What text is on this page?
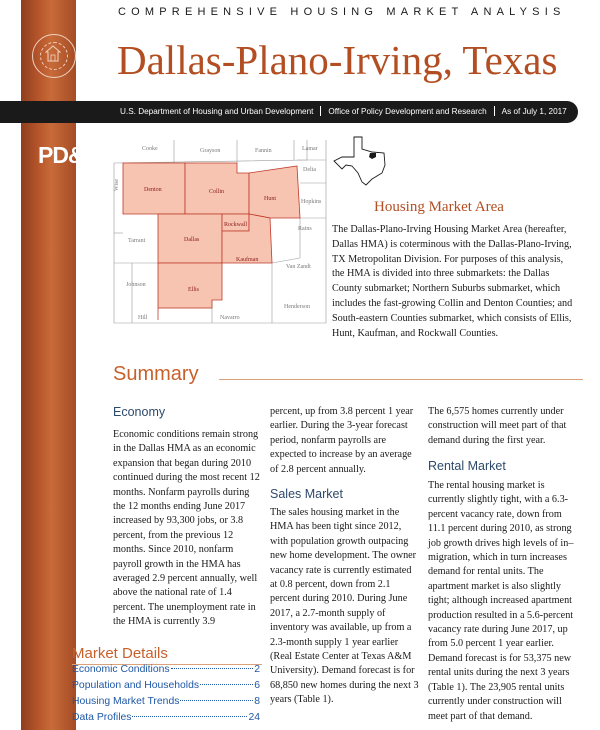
COMPREHENSIVE HOUSING MARKET ANALYSIS
Dallas-Plano-Irving, Texas
U.S. Department of Housing and Urban Development Office of Policy Development and Research As of July 1, 2017
PD&R	Cooke	Grayson	Fannin	Lamar
Delta
Wise
Hopkins
Tarrant
Rains
Van Zandt
Johnson
Henderson
Hill	Navarro
Denton	Collin
Hunt
Dallas
Rockwall
Kaufman
Ellis
Housing Market Area
The Dallas-Plano-Irving Housing Market Area (hereafter, Dallas HMA) is coterminous with the Dallas-Plano-Irving, TX Metropolitan Division. For purposes of this analysis, the HMA is divided into three submarkets: the Dallas County submarket; Northern Suburbs submarket, which includes the fast-growing Collin and Denton Counties; and South-eastern Counties submarket, which consists of Ellis, Hunt, Kaufman, and Rockwall Counties.
Summary
Economy
Economic conditions remain strong in the Dallas HMA as an economic expansion that began during 2010 continued during the most recent 12 months. Nonfarm payrolls during the 12 months ending June 2017 increased by 93,300 jobs, or 3.8 percent, from the previous 12 months. Since 2010, nonfarm payroll growth in the HMA has averaged 2.9 percent annually, well above the national rate of 1.4 percent. The unemployment rate in the HMA is currently 3.9
percent, up from 3.8 percent 1 year earlier. During the 3-year forecast period, nonfarm payrolls are expected to increase by an average of 2.8 percent annually.
Sales Market
The sales housing market in the HMA has been tight since 2012, with population growth outpacing new home development. The owner vacancy rate is currently estimated at 0.8 percent, down from 2.1 percent during 2010. During June 2017, a 2.7-month supply of inventory was available, up from a 2.3-month supply 1 year earlier (Real Estate Center at Texas A&M University). Demand forecast is for 68,850 new homes during the next 3 years (Table 1).
The 6,575 homes currently under construction will meet part of that demand during the first year.
Rental Market
The rental housing market is currently slightly tight, with a 6.3-percent vacancy rate, down from 11.1 percent during 2010, as strong job growth drives high levels of in–migration, which in turn increases demand for rental units. The apartment market is also slightly tight; although increased apartment production resulted in a 5.6-percent vacancy rate during June 2017, up from 5.0 percent 1 year earlier. Demand forecast is for 53,375 new rental units during the next 3 years (Table 1). The 23,905 rental units currently under construction will meet part of that demand.
Market Details
Economic Conditions	2
Population and Households	6
Housing Market Trends	8
Data Profiles	24
